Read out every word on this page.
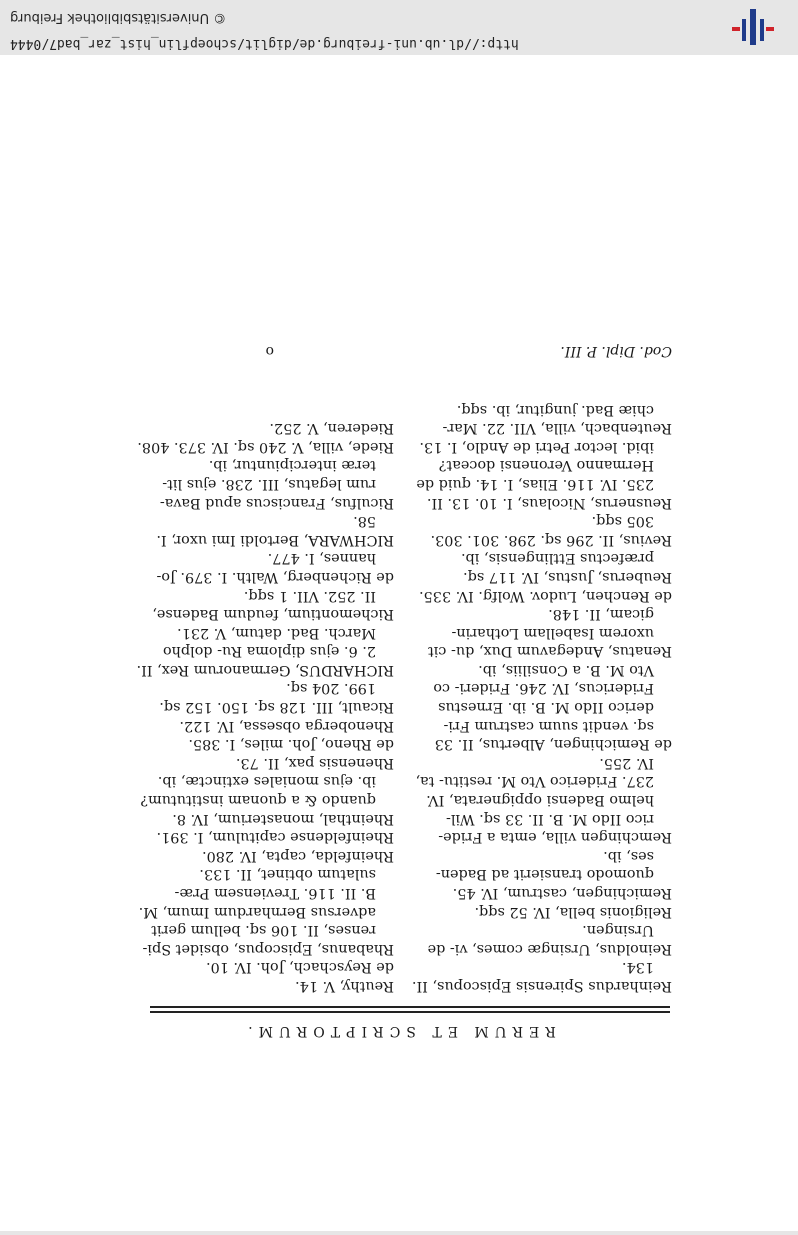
RERUM ET SCRIPTORUM.
Reinhardus Spirensis Episcopus, II. 134.
Reinoldus, Ursingæ comes, vi- de Ursingen.
Religionis bella, IV. 52 sqq.
Remichingen, castrum, IV. 45. quomodo transierit ad Baden- ses, ib.
Remchingen villa, emta a Fride- rico IIdo M. B. II. 33 sq. Wil- helmo Badensi oppignerata, IV. 237. Friderico Vto M. restitu- ta, IV. 255.
de Remichingen, Albertus, II. 33 sq. vendit suum castrum Fri- derico IIdo M. B. ib. Ernestus Fridericus, IV. 246. Frideri- co Vto M. B. a Consiliis, ib.
Renatus, Andegavum Dux, du- cit uxorem Isabellam Lotharin- gicam, II. 148.
de Renchen, Ludov. Wolfg. IV. 335.
Reuberus, Justus, IV. 117 sq. præfectus Ettlingensis, ib.
Revius, II. 296 sq. 298. 301. 303. 305 sqq.
Reusnerus, Nicolaus, I. 10. 13. II. 235. IV. 116. Elias, I. 14. quid de Hermanno Veronensi doceat? ibid. lector Petri de Andlo, I. 13.
Reutenbach, villa, VII. 22. Mar- chiæ Bad. jungitur, ib. sqq.
Reuthy, V. 14.
de Reyschach, Joh. IV. 10.
Rhabanus, Episcopus, obsidet Spi- renses, II. 106 sq. bellum gerit adversus Bernhardum Imum, M. B. II. 116. Treviensem Præ- sulatum obtinet, II. 133.
Rheinfelda, capta, IV. 280.
Rheinfeldense capitulum, I. 391.
Rheinthal, monasterium, IV. 8. quando & a quonam institutum? ib. ejus moniales extinctæ, ib.
Rhenensis pax, II. 73.
de Rheno, Joh. miles, I. 385.
Rhenoberga obsessa, IV. 122.
Ricault, III. 128 sq. 150. 152 sq. 199. 204 sq.
RICHARDUS, Germanorum Rex, II. 2. 6. ejus diploma Ru- dolpho March. Bad. datum, V. 231.
Richemontium, feudum Badense, II. 252. VII. 1 sqq.
de Richenberg, Walth. I. 379. Jo- hannes, I. 477.
RICHWARA, Bertoldi Imi uxor, I. 58.
Riculfus, Franciscus apud Bava- rum legatus, III. 238. ejus lit- teræ intercipiuntur, ib.
Riede, villa, V. 240 sq. IV. 373. 408.
Riederen, V. 252.
Cod. Dipl. P. III.
o
http://dl.ub.uni-freiburg.de/diglit/schoepflin_hist_zar_bad7/0444
© Universitätsbibliothek Freiburg
